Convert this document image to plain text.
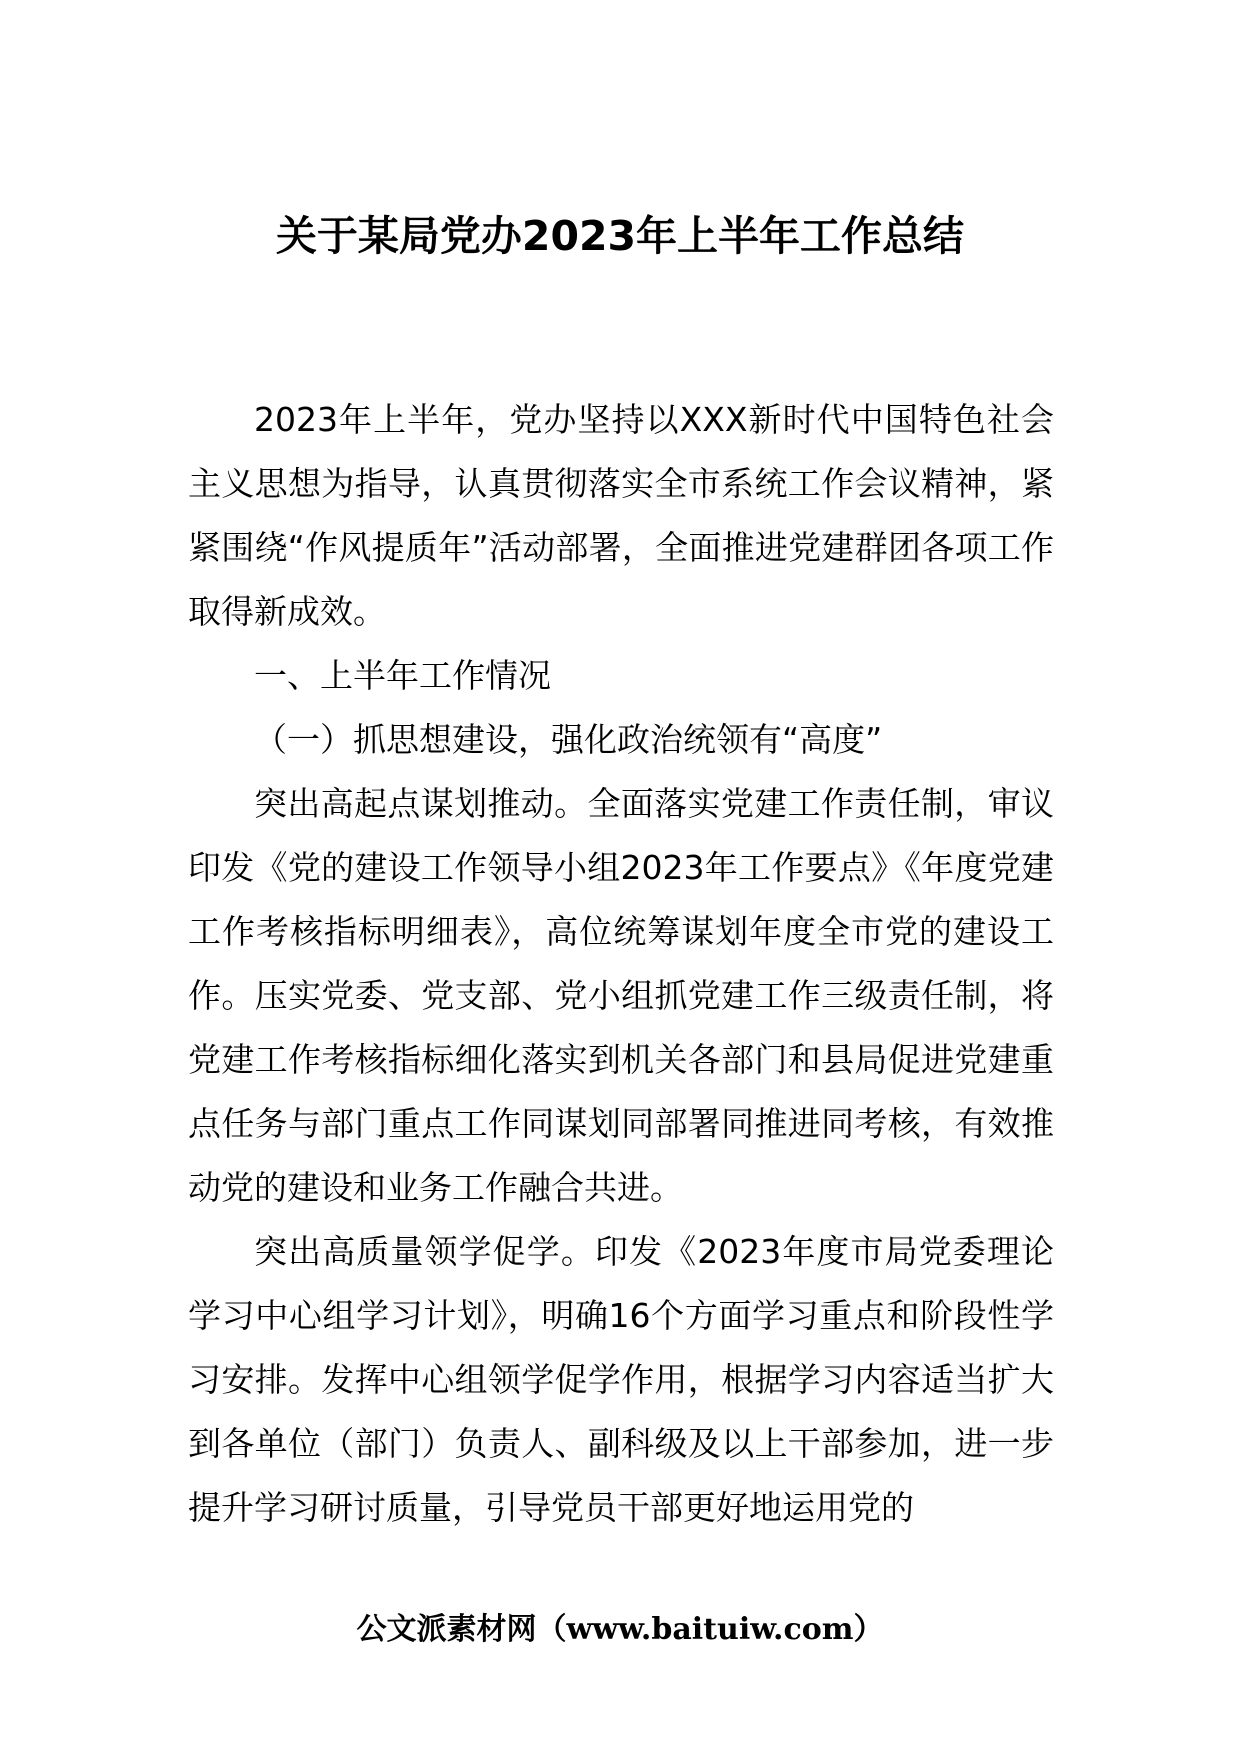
关于某局党办2023年上半年工作总结

2023年上半年，党办坚持以XXX新时代中国特色社会主义思想为指导，认真贯彻落实全市系统工作会议精神，紧紧围绕“作风提质年”活动部署，全面推进党建群团各项工作取得新成效。

一、上半年工作情况

（一）抓思想建设，强化政治统领有“高度”

突出高起点谋划推动。全面落实党建工作责任制，审议印发《党的建设工作领导小组2023年工作要点》《年度党建工作考核指标明细表》，高位统筹谋划年度全市党的建设工作。压实党委、党支部、党小组抓党建工作三级责任制，将党建工作考核指标细化落实到机关各部门和县局促进党建重点任务与部门重点工作同谋划同部署同推进同考核，有效推动党的建设和业务工作融合共进。

突出高质量领学促学。印发《2023年度市局党委理论学习中心组学习计划》，明确16个方面学习重点和阶段性学习安排。发挥中心组领学促学作用，根据学习内容适当扩大到各单位（部门）负责人、副科级及以上干部参加，进一步提升学习研讨质量，引导党员干部更好地运用党的

公文派素材网（www.baituiw.com）
